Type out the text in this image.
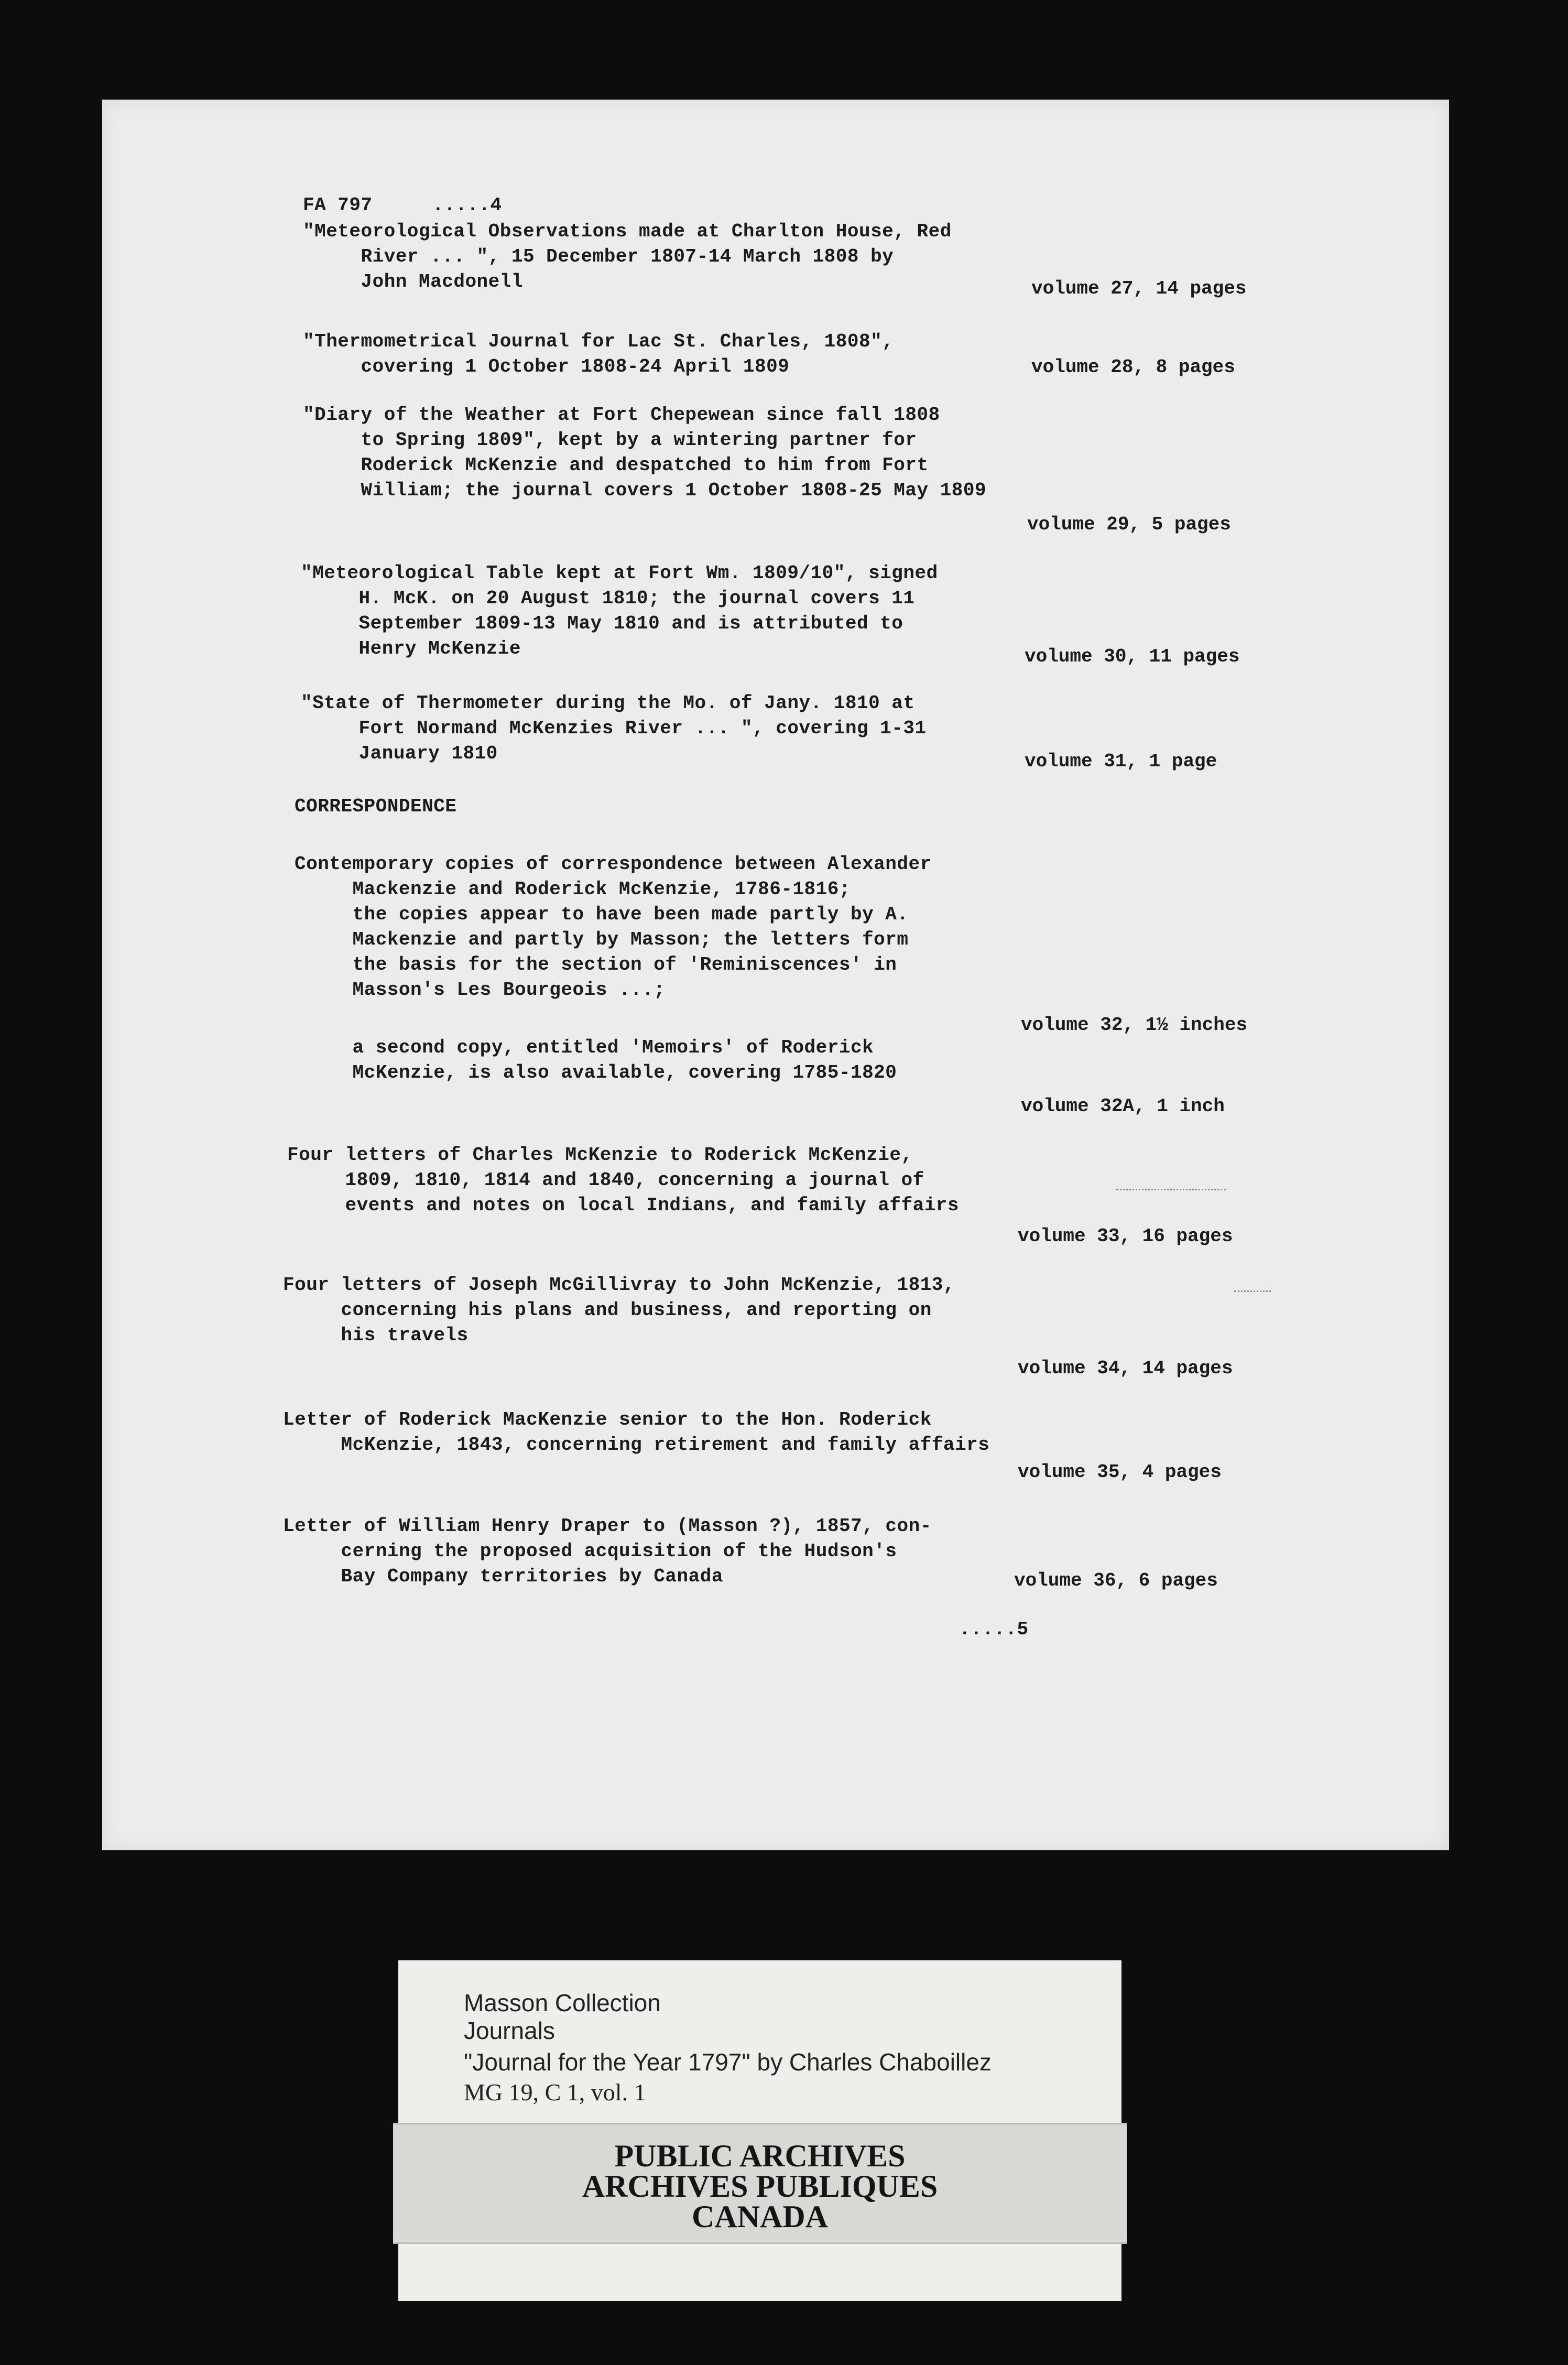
FA 797	.....4
"Meteorological Observations made at Charlton House, Red
River ... ", 15 December 1807-14 March 1808 by
John Macdonell	volume 27, 14 pages
"Thermometrical Journal for Lac St. Charles, 1808",
covering 1 October 1808-24 April 1809	volume 28, 8 pages
"Diary of the Weather at Fort Chepewean since fall 1808
to Spring 1809", kept by a wintering partner for
Roderick McKenzie and despatched to him from Fort
William; the journal covers 1 October 1808-25 May 1809
volume 29, 5 pages
"Meteorological Table kept at Fort Wm. 1809/10", signed
H. McK. on 20 August 1810; the journal covers 11
September 1809-13 May 1810 and is attributed to
Henry McKenzie	volume 30, 11 pages
"State of Thermometer during the Mo. of Jany. 1810 at
Fort Normand McKenzies River ... ", covering 1-31
January 1810	volume 31, 1 page
CORRESPONDENCE
Contemporary copies of correspondence between Alexander
Mackenzie and Roderick McKenzie, 1786-1816;
the copies appear to have been made partly by A.
Mackenzie and partly by Masson; the letters form
the basis for the section of 'Reminiscences' in
Masson's Les Bourgeois ...;
volume 32, 1½ inches
a second copy, entitled 'Memoirs' of Roderick
McKenzie, is also available, covering 1785-1820
volume 32A, 1 inch
Four letters of Charles McKenzie to Roderick McKenzie,
1809, 1810, 1814 and 1840, concerning a journal of
events and notes on local Indians, and family affairs
volume 33, 16 pages
Four letters of Joseph McGillivray to John McKenzie, 1813,
concerning his plans and business, and reporting on
his travels
volume 34, 14 pages
Letter of Roderick MacKenzie senior to the Hon. Roderick
McKenzie, 1843, concerning retirement and family affairs
volume 35, 4 pages
Letter of William Henry Draper to (Masson ?), 1857, con-
cerning the proposed acquisition of the Hudson's
Bay Company territories by Canada	volume 36, 6 pages
.....5
Masson Collection
Journals
"Journal for the Year 1797" by Charles Chaboillez
MG 19, C 1, vol. 1
PUBLIC ARCHIVES
ARCHIVES PUBLIQUES
CANADA
